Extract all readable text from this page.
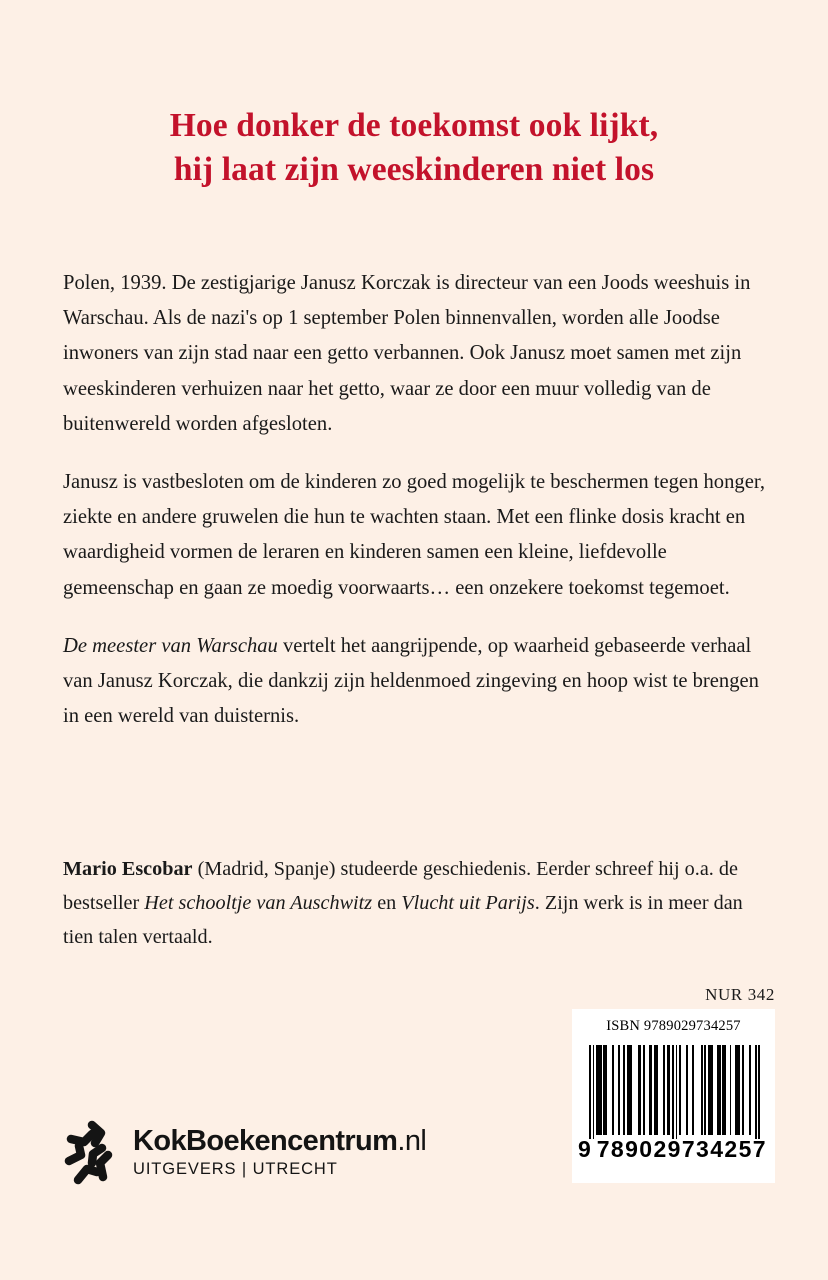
Hoe donker de toekomst ook lijkt,
hij laat zijn weeskinderen niet los

Polen, 1939. De zestigjarige Janusz Korczak is directeur van een Joods weeshuis in Warschau. Als de nazi's op 1 september Polen binnenvallen, worden alle Joodse inwoners van zijn stad naar een getto verbannen. Ook Janusz moet samen met zijn weeskinderen verhuizen naar het getto, waar ze door een muur volledig van de buitenwereld worden afgesloten.

Janusz is vastbesloten om de kinderen zo goed mogelijk te beschermen tegen honger, ziekte en andere gruwelen die hun te wachten staan. Met een flinke dosis kracht en waardigheid vormen de leraren en kinderen samen een kleine, liefdevolle gemeenschap en gaan ze moedig voorwaarts… een onzekere toekomst tegemoet.

De meester van Warschau vertelt het aangrijpende, op waarheid gebaseerde verhaal van Janusz Korczak, die dankzij zijn heldenmoed zingeving en hoop wist te brengen in een wereld van duisternis.

Mario Escobar (Madrid, Spanje) studeerde geschiedenis. Eerder schreef hij o.a. de bestseller Het schooltje van Auschwitz en Vlucht uit Parijs. Zijn werk is in meer dan tien talen vertaald.
NUR 342
ISBN 9789029734257
9 789029 734257
KokBoekencentrum.nl
UITGEVERS | UTRECHT
